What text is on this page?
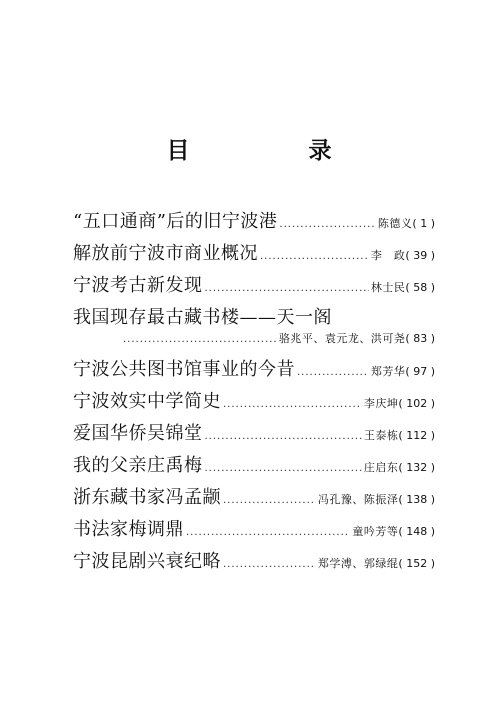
目　录
“五口通商”后的旧宁波港 .....	陈德义 ( 1 )
解放前宁波市商业概况 .....	李　政 ( 39 )
宁波考古新发现 .....	林士民 ( 58 )
我国现存最古藏书楼——天一阁
.....
骆兆平、袁元龙、洪可尧 ( 83 )
宁波公共图书馆事业的今昔 .....	郑芳华 ( 97 )
宁波效实中学简史 .....	李庆坤 ( 102 )
爱国华侨吴锦堂 .....	王泰栋 ( 112 )
我的父亲庄禹梅 .....	庄启东 ( 132 )
浙东藏书家冯孟颛 .....	冯孔豫、陈振泽 ( 138 )
书法家梅调鼎 .....	童吟芳等 ( 148 )
宁波昆剧兴衰纪略 .....	郑学溥、郭绿绲 ( 152 )
